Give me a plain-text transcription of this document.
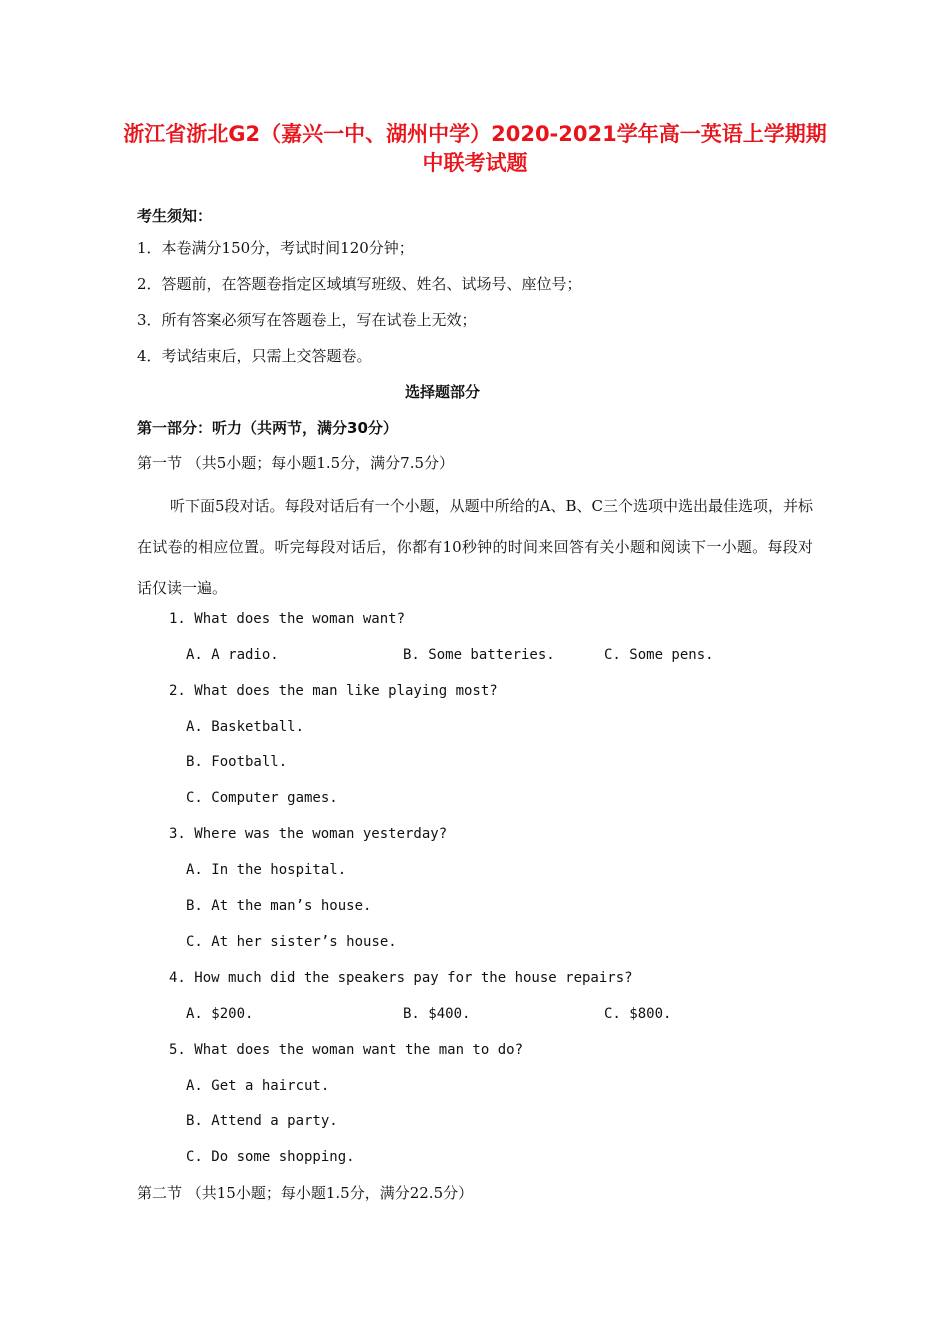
浙江省浙北G2（嘉兴一中、湖州中学）2020-2021学年高一英语上学期期中联考试题
考生须知：
1．本卷满分150分，考试时间120分钟；
2．答题前，在答题卷指定区域填写班级、姓名、试场号、座位号；
3．所有答案必须写在答题卷上，写在试卷上无效；
4．考试结束后，只需上交答题卷。
选择题部分
第一部分：听力（共两节，满分30分）
第一节 （共5小题；每小题1.5分，满分7.5分）
听下面5段对话。每段对话后有一个小题，从题中所给的A、B、C三个选项中选出最佳选项，并标在试卷的相应位置。听完每段对话后，你都有10秒钟的时间来回答有关小题和阅读下一小题。每段对话仅读一遍。
1. What does the woman want?
A. A radio.	B. Some batteries.	C. Some pens.
2. What does the man like playing most?
A. Basketball.
B. Football.
C. Computer games.
3. Where was the woman yesterday?
A. In the hospital.
B. At the man’s house.
C. At her sister’s house.
4. How much did the speakers pay for the house repairs?
A. $200.	B. $400.	C. $800.
5. What does the woman want the man to do?
A. Get a haircut.
B. Attend a party.
C. Do some shopping.
第二节 （共15小题；每小题1.5分，满分22.5分）
